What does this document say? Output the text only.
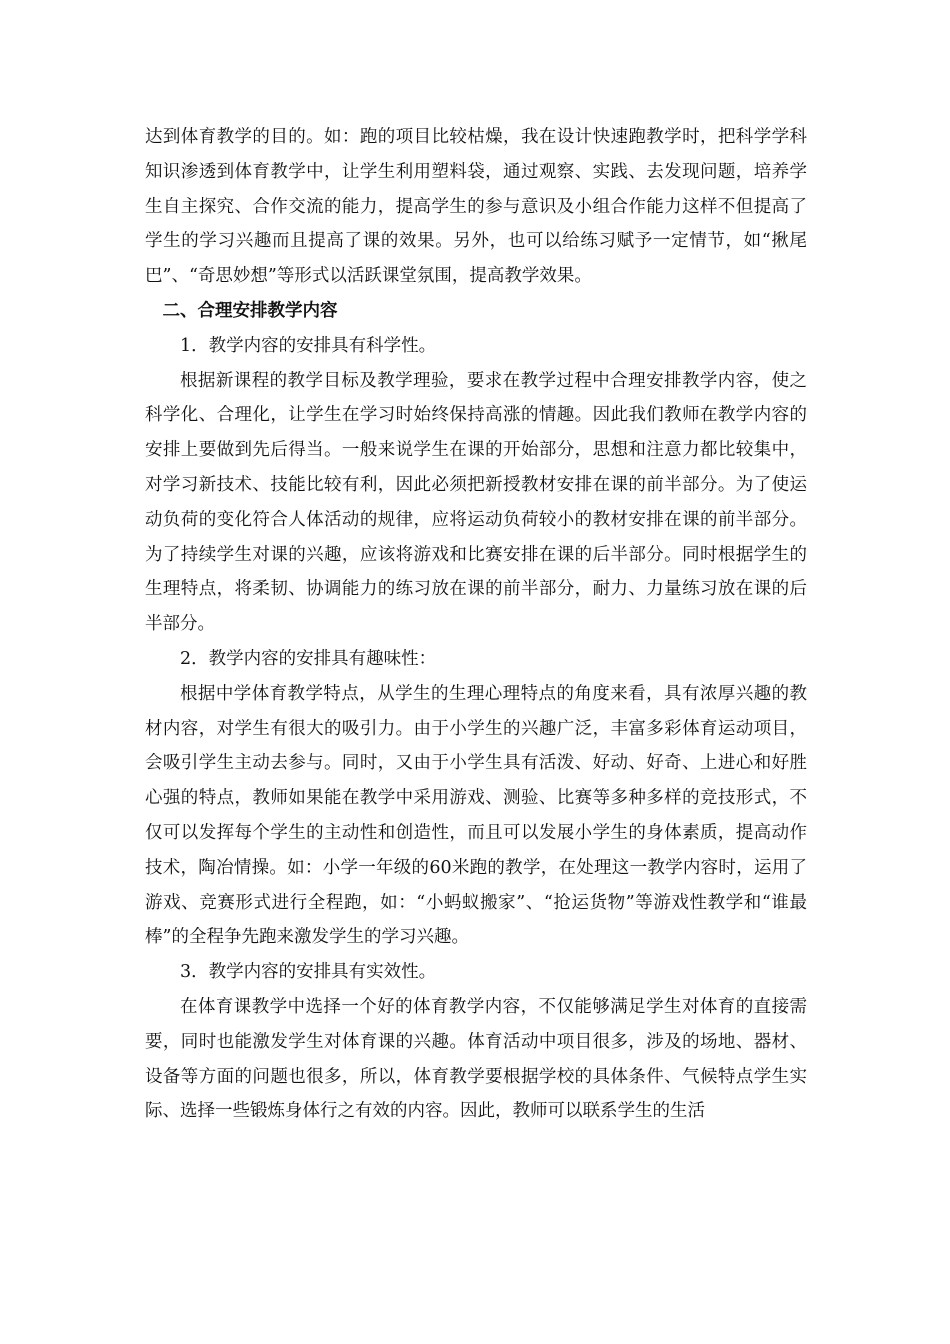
达到体育教学的目的。如：跑的项目比较枯燥，我在设计快速跑教学时，把科学学科知识渗透到体育教学中，让学生利用塑料袋，通过观察、实践、去发现问题，培养学生自主探究、合作交流的能力，提高学生的参与意识及小组合作能力这样不但提高了学生的学习兴趣而且提高了课的效果。另外，也可以给练习赋予一定情节，如“揪尾巴”、“奇思妙想”等形式以活跃课堂氛围，提高教学效果。

二、合理安排教学内容

1．教学内容的安排具有科学性。

根据新课程的教学目标及教学理验，要求在教学过程中合理安排教学内容，使之科学化、合理化，让学生在学习时始终保持高涨的情趣。因此我们教师在教学内容的安排上要做到先后得当。一般来说学生在课的开始部分，思想和注意力都比较集中，对学习新技术、技能比较有利，因此必须把新授教材安排在课的前半部分。为了使运动负荷的变化符合人体活动的规律，应将运动负荷较小的教材安排在课的前半部分。为了持续学生对课的兴趣，应该将游戏和比赛安排在课的后半部分。同时根据学生的生理特点，将柔韧、协调能力的练习放在课的前半部分，耐力、力量练习放在课的后半部分。

2．教学内容的安排具有趣味性：

根据中学体育教学特点，从学生的生理心理特点的角度来看，具有浓厚兴趣的教材内容，对学生有很大的吸引力。由于小学生的兴趣广泛，丰富多彩体育运动项目，会吸引学生主动去参与。同时，又由于小学生具有活泼、好动、好奇、上进心和好胜心强的特点，教师如果能在教学中采用游戏、测验、比赛等多种多样的竞技形式，不仅可以发挥每个学生的主动性和创造性，而且可以发展小学生的身体素质，提高动作技术，陶冶情操。如：小学一年级的60米跑的教学，在处理这一教学内容时，运用了游戏、竞赛形式进行全程跑，如：“小蚂蚁搬家”、“抢运货物”等游戏性教学和“谁最棒”的全程争先跑来激发学生的学习兴趣。

3．教学内容的安排具有实效性。

在体育课教学中选择一个好的体育教学内容，不仅能够满足学生对体育的直接需要，同时也能激发学生对体育课的兴趣。体育活动中项目很多，涉及的场地、器材、设备等方面的问题也很多，所以，体育教学要根据学校的具体条件、气候特点学生实际、选择一些锻炼身体行之有效的内容。因此，教师可以联系学生的生活
